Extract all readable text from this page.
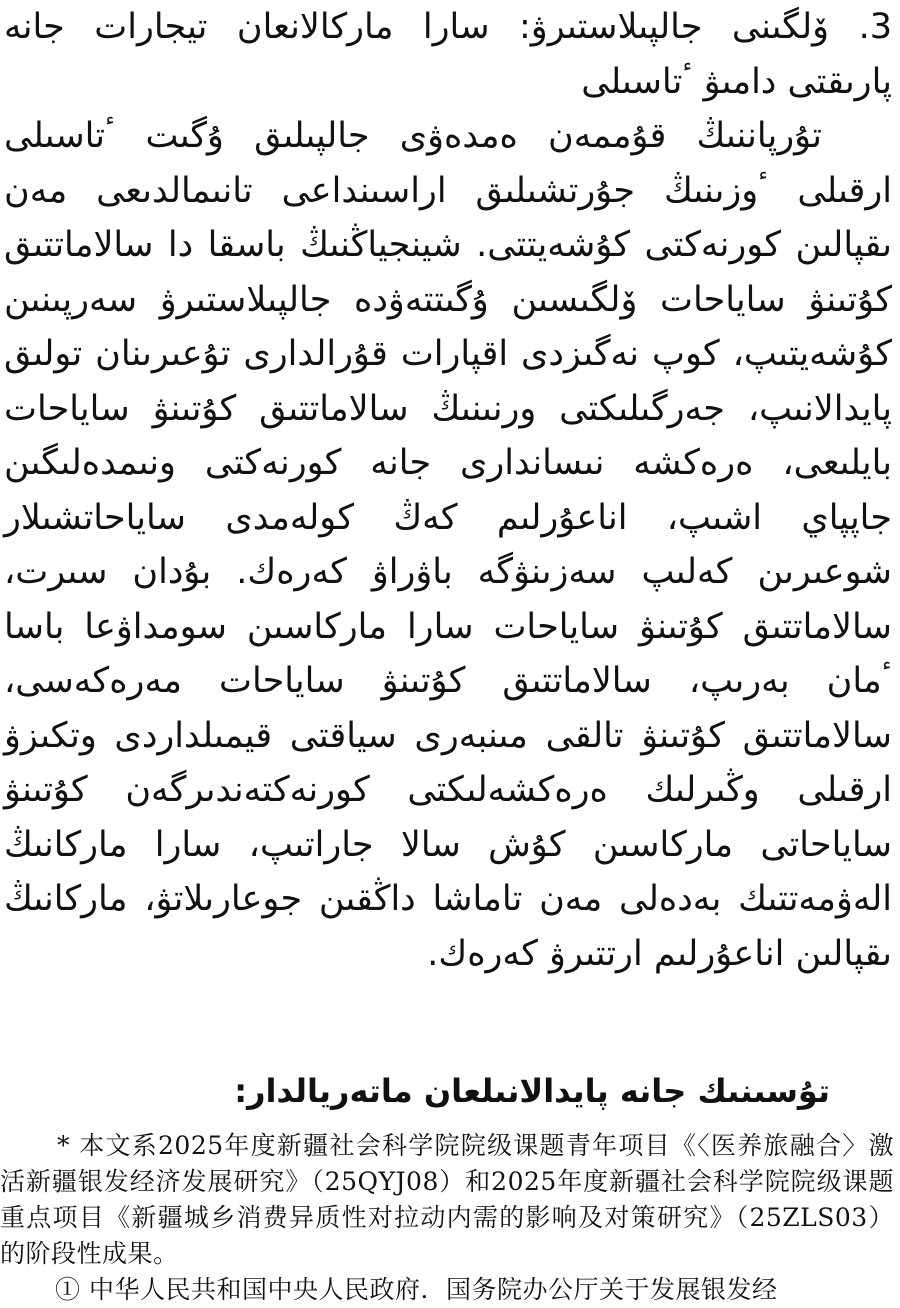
3. ۆلگىنى جالپىلاستىرۋ: سارا ماركالانعان تيجارات جانە پارىقتى دامىۋ ٴتاسىلى

تۇرپاننىڭ قۇممەن ەمدەۋى جالپىلىق ۇگىت ٴتاسىلى ارقىلى ٴوزىنىڭ جۇرتشىلىق اراسىنداعى تانىمالدىعى مەن ىقپالىن كورنەكتى كۇشەيتتى. شينجياڭنىڭ باسقا دا سالاماتتىق كۇتىنۋ ساياحات ۆلگىسىن ۇگىتتەۋدە جالپىلاستىرۋ سەرپىنىن كۇشەيتىپ، كوپ نەگىزدى اقپارات قۇرالدارى تۇعىرىنان تولىق پايدالانىپ، جەرگىلىكتى ورنىنىڭ سالاماتتىق كۇتىنۋ ساياحات بايلىعى، ەرەكشە نىساندارى جانە كورنەكتى ونىمدەلىگىن جاپپاي اشىپ، اناعۇرلىم كەڭ كولەمدى ساياحاتشىلار شوعىرىن كەلىپ سەزىنۋگە باۋراۋ كەرەك. بۇدان سىرت، سالاماتتىق كۇتىنۋ ساياحات سارا ماركاسىن سومداۋعا باسا ٴمان بەرىپ، سالاماتتىق كۇتىنۋ ساياحات مەرەكەسى، سالاماتتىق كۇتىنۋ تالقى مىنبەرى سياقتى قيمىلداردى وتكىزۋ ارقىلى وڭىرلىك ەرەكشەلىكتى كورنەكتەندىرگەن كۇتىنۋ ساياحاتى ماركاسىن كۇش سالا جاراتىپ، سارا ماركانىڭ الەۋمەتتىك بەدەلى مەن تاماشا داڭقىن جوعارىلاتۋ، ماركانىڭ ىقپالىن اناعۇرلىم ارتتىرۋ كەرەك.

تۇسىنىك جانە پايدالانىلعان ماتەريالدار:

* 本文系2025年度新疆社会科学院院级课题青年项目《〈医养旅融合〉激活新疆银发经济发展研究》（25QYJ08）和2025年度新疆社会科学院院级课题重点项目《新疆城乡消费异质性对拉动内需的影响及对策研究》（25ZLS03）的阶段性成果。

① 中华人民共和国中央人民政府．国务院办公厅关于发展银发经
